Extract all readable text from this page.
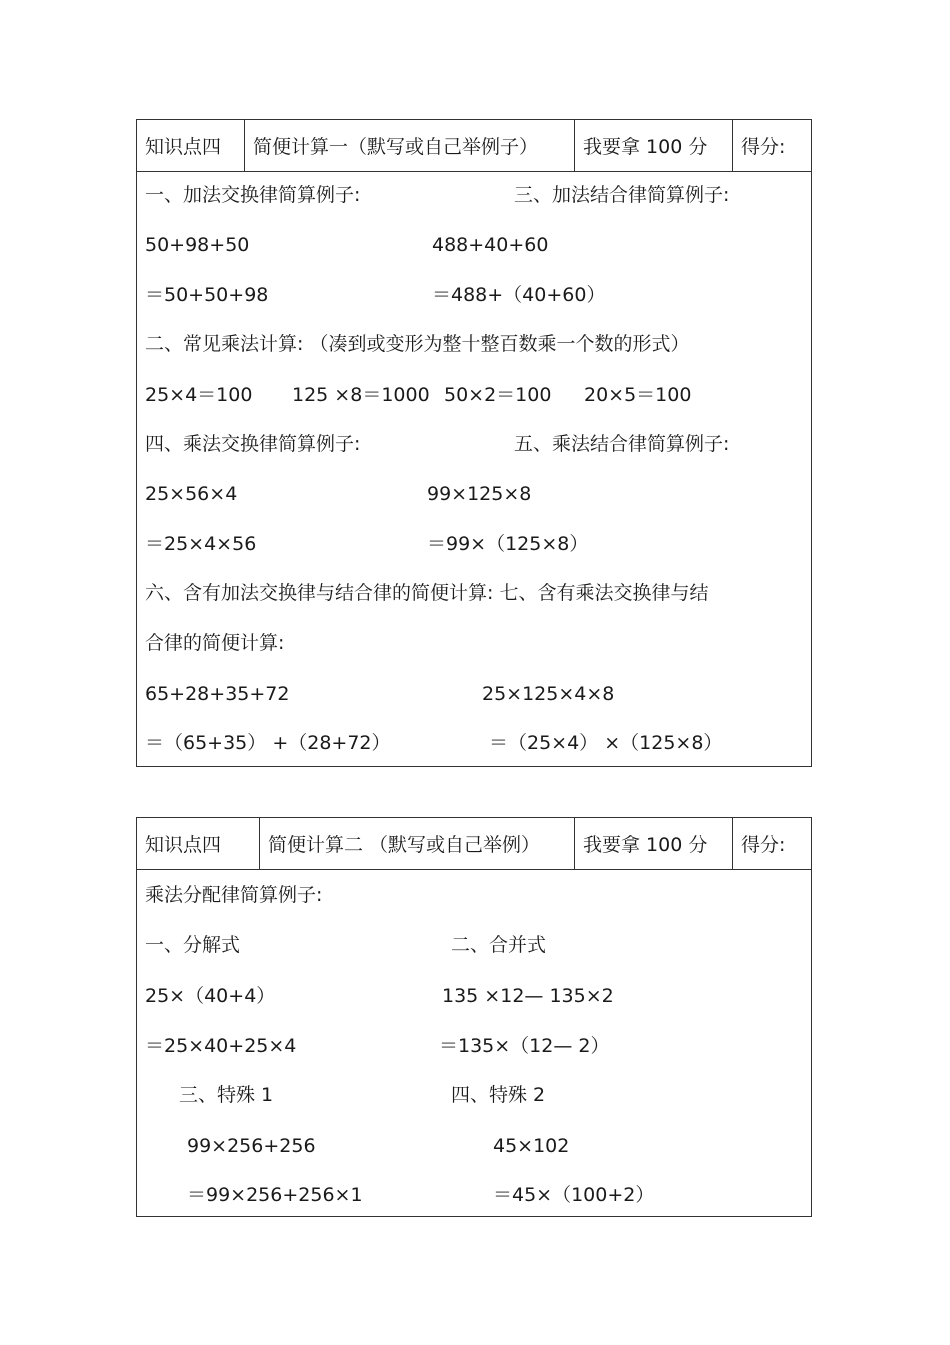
知识点四	简便计算一（默写或自己举例子）	我要拿 100 分	得分:
一、加法交换律简算例子:	三、加法结合律简算例子:
50+98+50	488+40+60
＝50+50+98	＝488+（40+60）
二、常见乘法计算: （凑到或变形为整十整百数乘一个数的形式）
25×4＝100 125 ×8＝1000 50×2＝100 20×5＝100
四、乘法交换律简算例子:	五、乘法结合律简算例子:
25×56×4	99×125×8
＝25×4×56	＝99×（125×8）
六、含有加法交换律与结合律的简便计算: 七、含有乘法交换律与结
合律的简便计算:
65+28+35+72	25×125×4×8
＝（65+35） +（28+72）	＝（25×4） ×（125×8）
知识点四	简便计算二 （默写或自己举例）	我要拿 100 分	得分:
乘法分配律简算例子:
一、分解式	二、合并式
25×（40+4）	135 ×12— 135×2
＝25×40+25×4	＝135×（12— 2）
三、特殊 1	四、特殊 2
99×256+256	45×102
＝99×256+256×1	＝45×（100+2）
